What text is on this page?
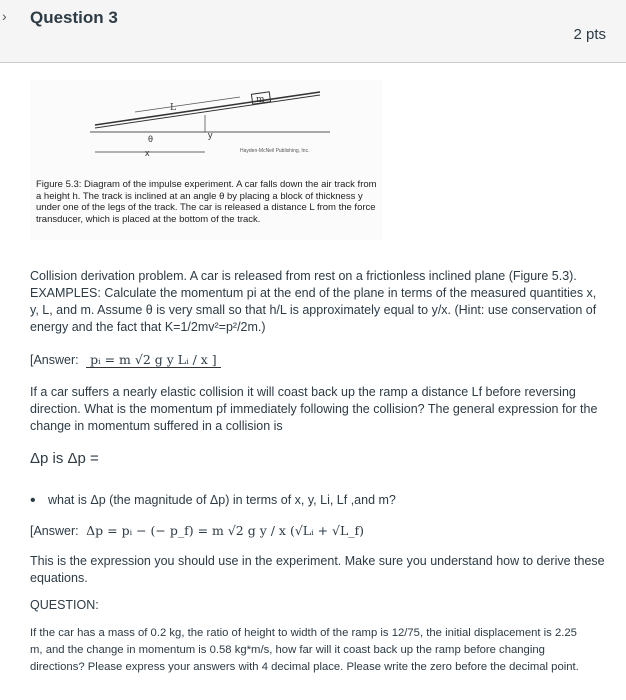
› Question 3
2 pts
m
L
θ	y
x	Hayden-McNeil Publishing, Inc.
Figure 5.3: Diagram of the impulse experiment. A car falls down the air track from a height h. The track is inclined at an angle θ by placing a block of thickness y under one of the legs of the track. The car is released a distance L from the force transducer, which is placed at the bottom of the track.
Collision derivation problem. A car is released from rest on a frictionless inclined plane (Figure 5.3). EXAMPLES: Calculate the momentum pi at the end of the plane in terms of the measured quantities x, y, L, and m. Assume θ is very small so that h/L is approximately equal to y/x. (Hint: use conservation of energy and the fact that K=1/2mv²=p²/2m.)
[Answer: pᵢ = m √2 g y Lᵢ / x ]
If a car suffers a nearly elastic collision it will coast back up the ramp a distance Lf before reversing direction. What is the momentum pf immediately following the collision? The general expression for the change in momentum suffered in a collision is
Δp is Δp =
• what is Δp (the magnitude of Δp) in terms of x, y, Li, Lf ,and m?
[Answer: Δp = pᵢ − (− p_f) = m √2 g y / x (√Lᵢ + √L_f)
This is the expression you should use in the experiment. Make sure you understand how to derive these equations.
QUESTION:
If the car has a mass of 0.2 kg, the ratio of height to width of the ramp is 12/75, the initial displacement is 2.25 m, and the change in momentum is 0.58 kg*m/s, how far will it coast back up the ramp before changing directions? Please express your answers with 4 decimal place. Please write the zero before the decimal point.
